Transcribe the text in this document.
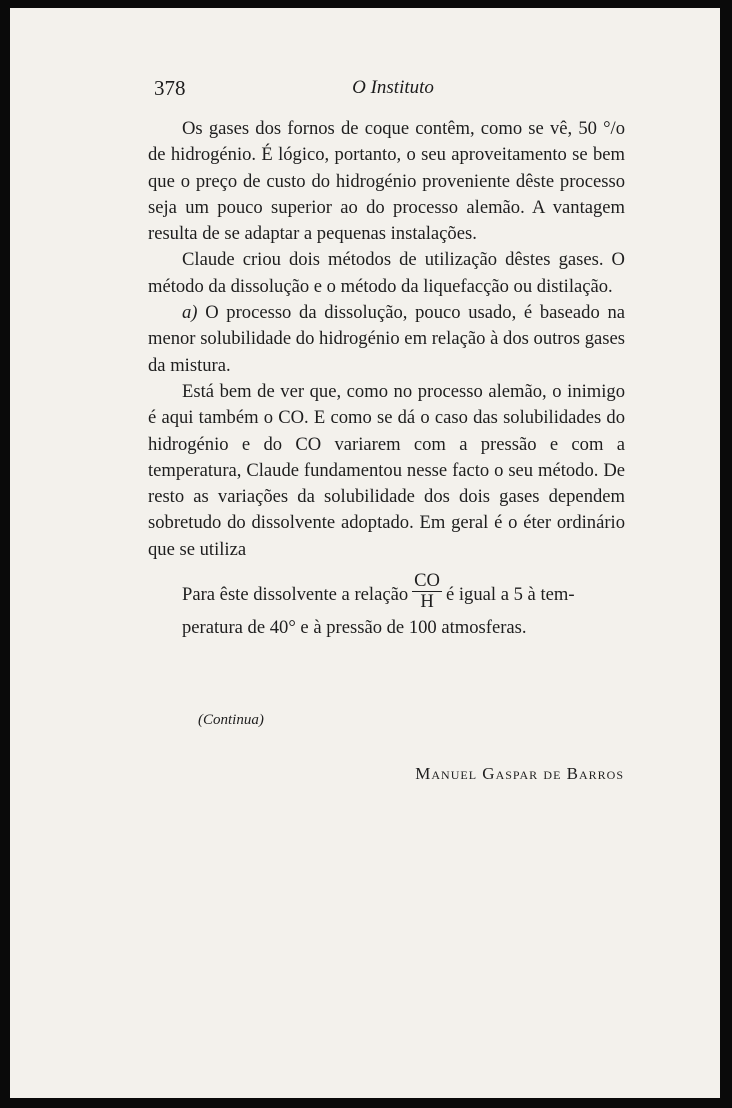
378	O Instituto

Os gases dos fornos de coque contêm, como se vê, 50 °/o de hidrogénio. É lógico, portanto, o seu aproveitamento se bem que o preço de custo do hidrogénio proveniente dêste processo seja um pouco superior ao do processo alemão. A vantagem resulta de se adaptar a pequenas instalações.

Claude criou dois métodos de utilização dêstes gases. O método da dissolução e o método da liquefacção ou distilação.

a) O processo da dissolução, pouco usado, é baseado na menor solubilidade do hidrogénio em relação à dos outros gases da mistura.

Está bem de ver que, como no processo alemão, o inimigo é aqui também o CO. E como se dá o caso das solubilidades do hidrogénio e do CO variarem com a pressão e com a temperatura, Claude fundamentou nesse facto o seu método. De resto as variações da solubilidade dos dois gases dependem sobretudo do dissolvente adoptado. Em geral é o éter ordinário que se utiliza

Para êste dissolvente a relação $\frac{CO}{H}$ é igual a 5 à tem-

peratura de 40° e à pressão de 100 atmosferas.

(Continua)
Manuel Gaspar de Barros
